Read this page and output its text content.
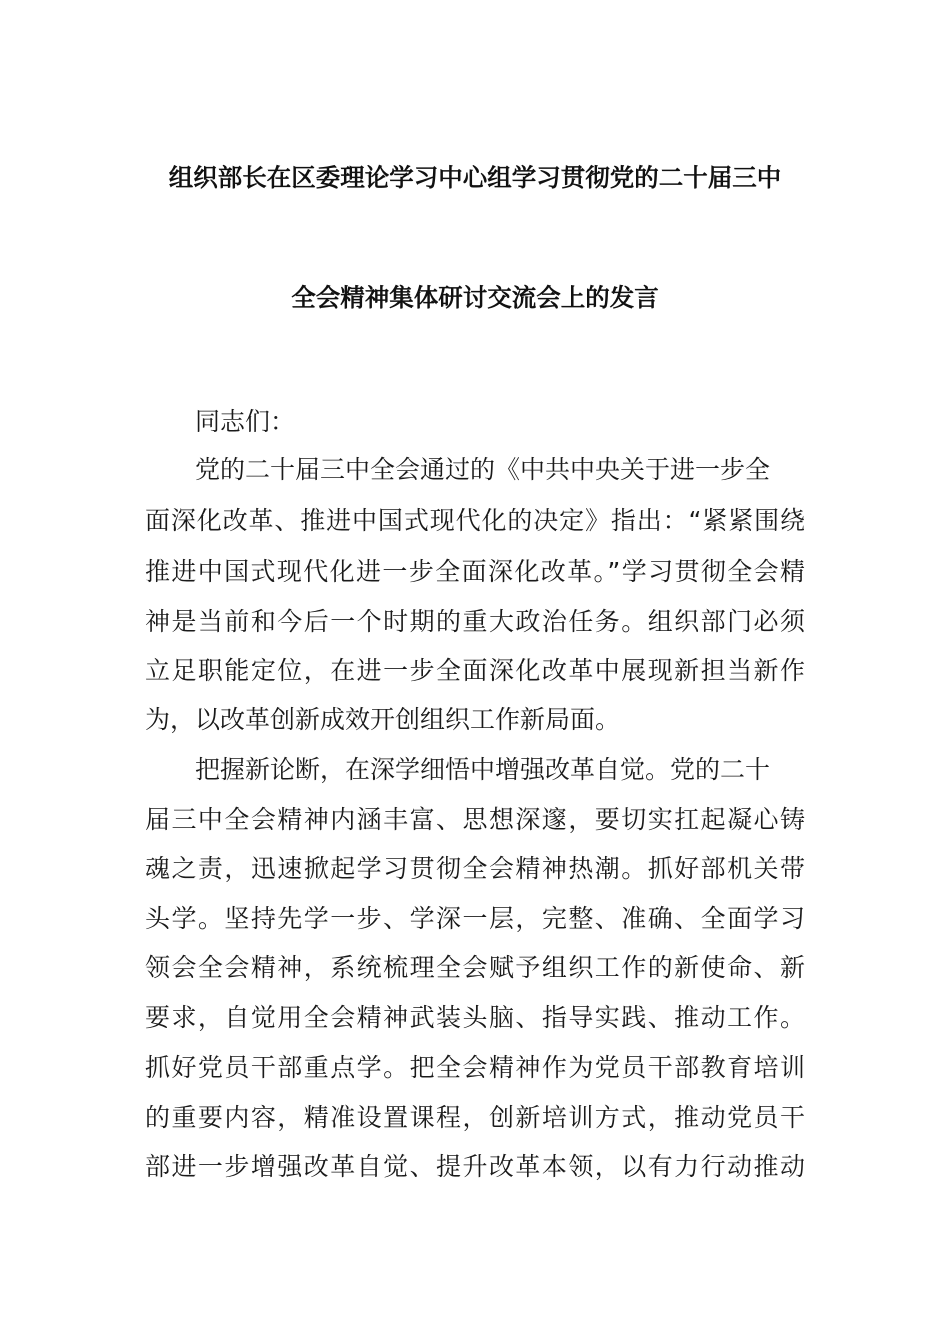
组织部长在区委理论学习中心组学习贯彻党的二十届三中
全会精神集体研讨交流会上的发言
同志们：
党的二十届三中全会通过的《中共中央关于进一步全
面深化改革、推进中国式现代化的决定》指出：“紧紧围绕
推进中国式现代化进一步全面深化改革。”学习贯彻全会精
神是当前和今后一个时期的重大政治任务。组织部门必须
立足职能定位，在进一步全面深化改革中展现新担当新作
为，以改革创新成效开创组织工作新局面。
把握新论断，在深学细悟中增强改革自觉。党的二十
届三中全会精神内涵丰富、思想深邃，要切实扛起凝心铸
魂之责，迅速掀起学习贯彻全会精神热潮。抓好部机关带
头学。坚持先学一步、学深一层，完整、准确、全面学习
领会全会精神，系统梳理全会赋予组织工作的新使命、新
要求，自觉用全会精神武装头脑、指导实践、推动工作。
抓好党员干部重点学。把全会精神作为党员干部教育培训
的重要内容，精准设置课程，创新培训方式，推动党员干
部进一步增强改革自觉、提升改革本领，以有力行动推动
